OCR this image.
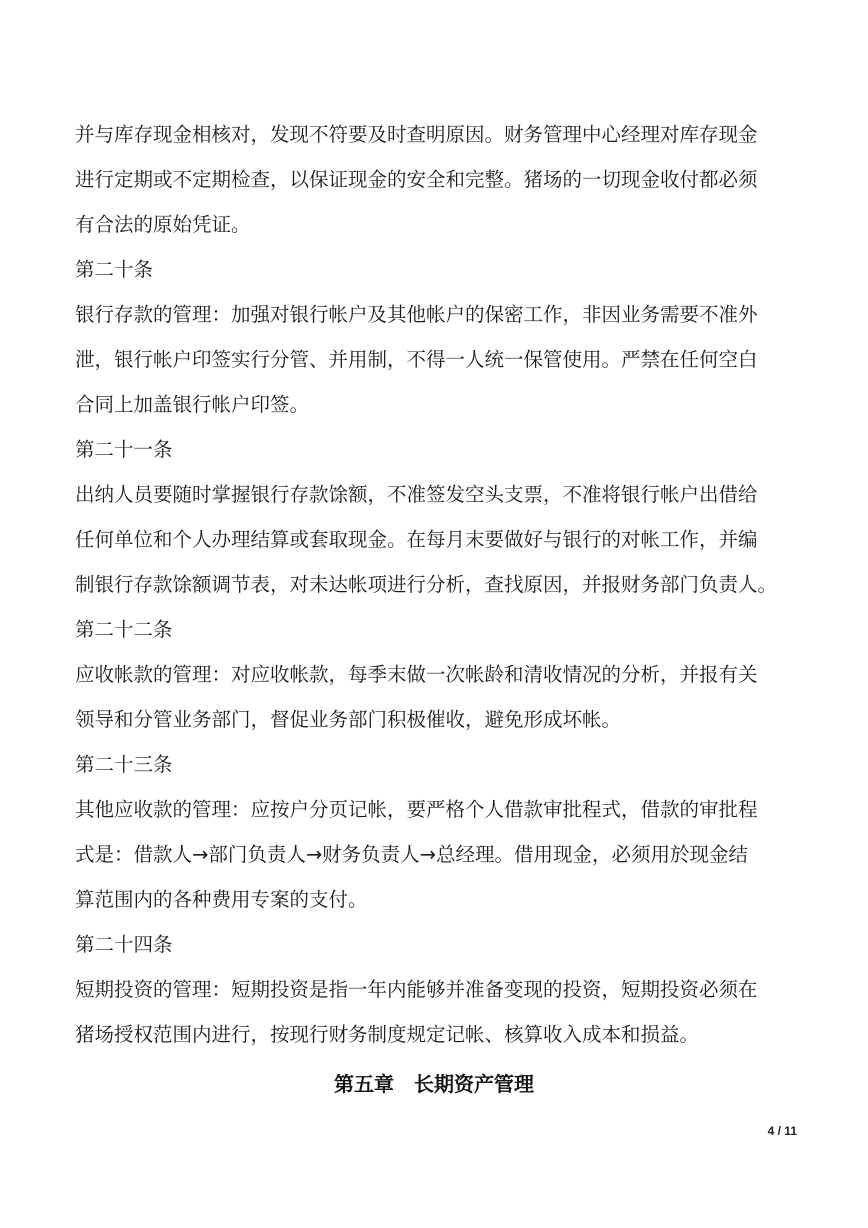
并与库存现金相核对，发现不符要及时查明原因。财务管理中心经理对库存现金
进行定期或不定期检查，以保证现金的安全和完整。猪场的一切现金收付都必须
有合法的原始凭证。
第二十条
银行存款的管理：加强对银行帐户及其他帐户的保密工作，非因业务需要不准外
泄，银行帐户印签实行分管、并用制，不得一人统一保管使用。严禁在任何空白
合同上加盖银行帐户印签。
第二十一条
出纳人员要随时掌握银行存款馀额，不准签发空头支票，不准将银行帐户出借给
任何单位和个人办理结算或套取现金。在每月末要做好与银行的对帐工作，并编
制银行存款馀额调节表，对未达帐项进行分析，查找原因，并报财务部门负责人。
第二十二条
应收帐款的管理：对应收帐款，每季末做一次帐龄和清收情况的分析，并报有关
领导和分管业务部门，督促业务部门积极催收，避免形成坏帐。
第二十三条
其他应收款的管理：应按户分页记帐，要严格个人借款审批程式，借款的审批程
式是：借款人→部门负责人→财务负责人→总经理。借用现金，必须用於现金结
算范围内的各种费用专案的支付。
第二十四条
短期投资的管理：短期投资是指一年内能够并准备变现的投资，短期投资必须在
猪场授权范围内进行，按现行财务制度规定记帐、核算收入成本和损益。
第五章　长期资产管理
4 / 11
